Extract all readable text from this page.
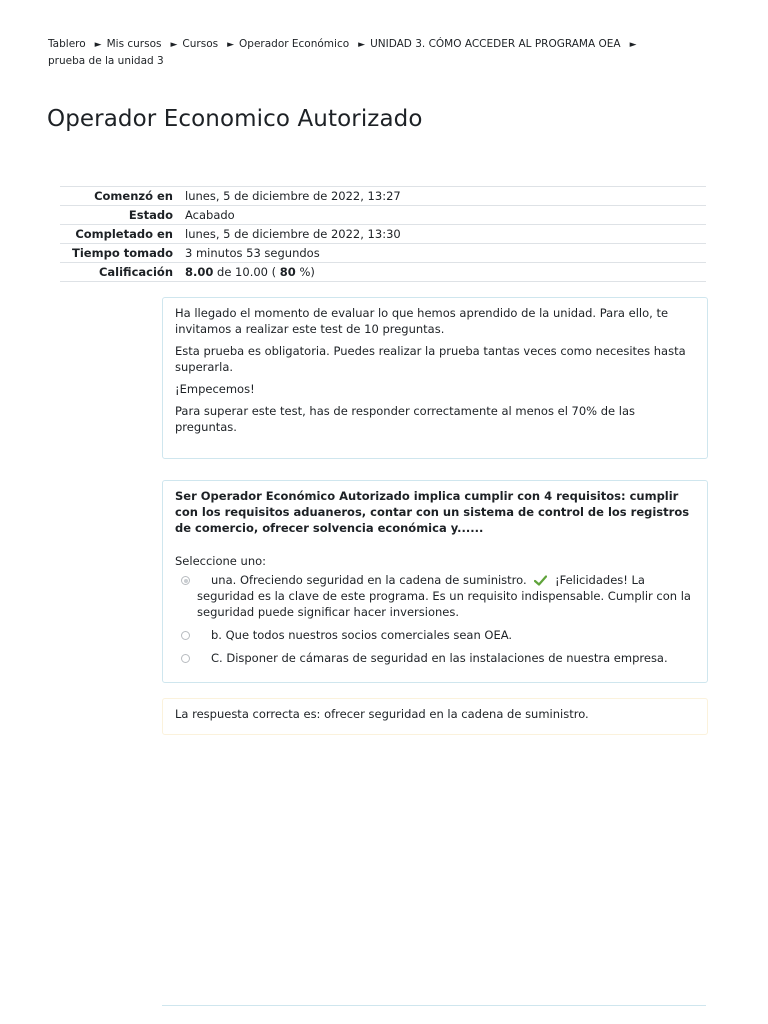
Tablero ► Mis cursos ► Cursos ► Operador Económico ► UNIDAD 3. CÓMO ACCEDER AL PROGRAMA OEA ►
prueba de la unidad 3
Operador Economico Autorizado
Comenzó en	lunes, 5 de diciembre de 2022, 13:27
Estado	Acabado
Completado en	lunes, 5 de diciembre de 2022, 13:30
Tiempo tomado	3 minutos 53 segundos
Calificación	8.00 de 10.00 ( 80 %)

Ha llegado el momento de evaluar lo que hemos aprendido de la unidad. Para ello, te invitamos a realizar este test de 10 preguntas.

Esta prueba es obligatoria. Puedes realizar la prueba tantas veces como necesites hasta superarla.

¡Empecemos!

Para superar este test, has de responder correctamente al menos el 70% de las preguntas.

Ser Operador Económico Autorizado implica cumplir con 4 requisitos: cumplir con los requisitos aduaneros, contar con un sistema de control de los registros de comercio, ofrecer solvencia económica y......
Seleccione uno:
una. Ofreciendo seguridad en la cadena de suministro. ¡Felicidades! La seguridad es la clave de este programa. Es un requisito indispensable. Cumplir con la seguridad puede significar hacer inversiones.
b. Que todos nuestros socios comerciales sean OEA.
C. Disponer de cámaras de seguridad en las instalaciones de nuestra empresa.
La respuesta correcta es: ofrecer seguridad en la cadena de suministro.
